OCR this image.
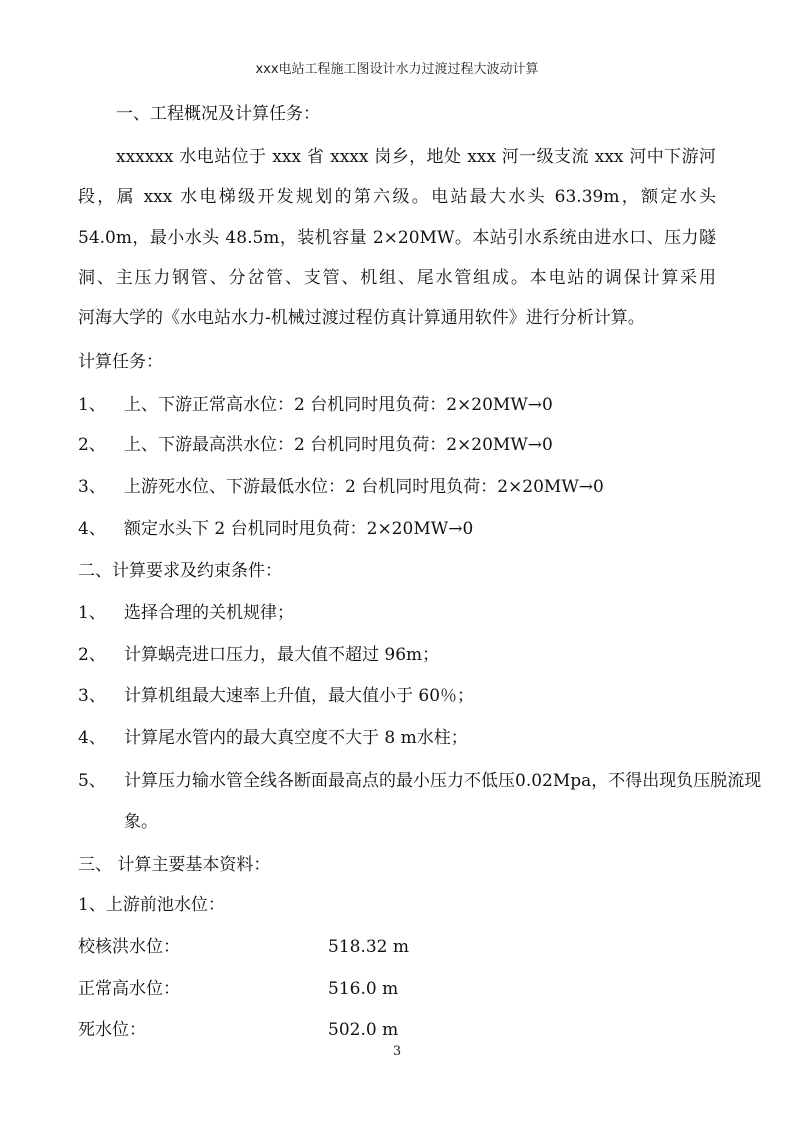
xxx电站工程施工图设计水力过渡过程大波动计算
一、工程概况及计算任务：
xxxxxx 水电站位于 xxx 省 xxxx 岗乡，地处 xxx 河一级支流 xxx 河中下游河
段，属 xxx 水电梯级开发规划的第六级。电站最大水头 63.39m，额定水头
54.0m，最小水头 48.5m，装机容量 2×20MW。本站引水系统由进水口、压力隧
洞、主压力钢管、分岔管、支管、机组、尾水管组成。本电站的调保计算采用
河海大学的《水电站水力-机械过渡过程仿真计算通用软件》进行分析计算。
计算任务：
1、 上、下游正常高水位：2 台机同时甩负荷：2×20MW→0
2、 上、下游最高洪水位：2 台机同时甩负荷：2×20MW→0
3、 上游死水位、下游最低水位：2 台机同时甩负荷：2×20MW→0
4、 额定水头下 2 台机同时甩负荷：2×20MW→0
二、计算要求及约束条件：
1、 选择合理的关机规律；
2、 计算蜗壳进口压力，最大值不超过 96m；
3、 计算机组最大速率上升值，最大值小于 60％；
4、 计算尾水管内的最大真空度不大于 8 m水柱；
5、 计算压力输水管全线各断面最高点的最小压力不低压0.02Mpa，不得出现负压脱流现
象。
三、 计算主要基本资料：
1、上游前池水位：
校核洪水位：	518.32 m
正常高水位：	516.0 m
死水位：	502.0 m
3
